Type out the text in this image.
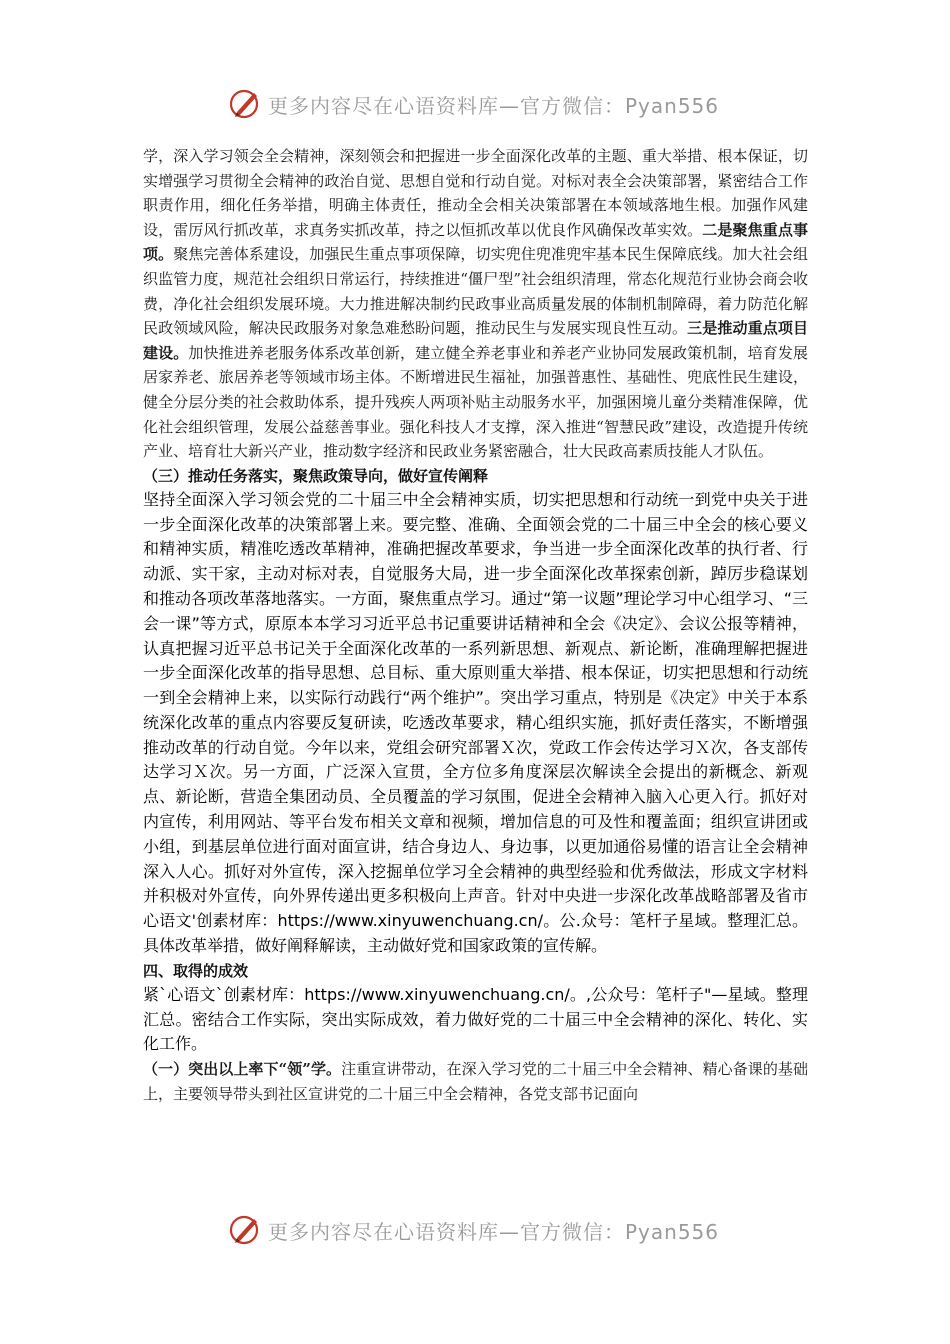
更多内容尽在心语资料库—官方微信：Pyan556

学，深入学习领会全会精神，深刻领会和把握进一步全面深化改革的主题、重大举措、根本保证，切实增强学习贯彻全会精神的政治自觉、思想自觉和行动自觉。对标对表全会决策部署，紧密结合工作职责作用，细化任务举措，明确主体责任，推动全会相关决策部署在本领域落地生根。加强作风建设，雷厉风行抓改革，求真务实抓改革，持之以恒抓改革以优良作风确保改革实效。二是聚焦重点事项。聚焦完善体系建设，加强民生重点事项保障，切实兜住兜准兜牢基本民生保障底线。加大社会组织监管力度，规范社会组织日常运行，持续推进“僵尸型”社会组织清理，常态化规范行业协会商会收费，净化社会组织发展环境。大力推进解决制约民政事业高质量发展的体制机制障碍，着力防范化解民政领域风险，解决民政服务对象急难愁盼问题，推动民生与发展实现良性互动。三是推动重点项目建设。加快推进养老服务体系改革创新，建立健全养老事业和养老产业协同发展政策机制，培育发展居家养老、旅居养老等领域市场主体。不断增进民生福祉，加强普惠性、基础性、兜底性民生建设，健全分层分类的社会救助体系，提升残疾人两项补贴主动服务水平，加强困境儿童分类精准保障，优化社会组织管理，发展公益慈善事业。强化科技人才支撑，深入推进“智慧民政”建设，改造提升传统产业、培育壮大新兴产业，推动数字经济和民政业务紧密融合，壮大民政高素质技能人才队伍。

（三）推动任务落实，聚焦政策导向，做好宣传阐释

坚持全面深入学习领会党的二十届三中全会精神实质，切实把思想和行动统一到党中央关于进一步全面深化改革的决策部署上来。要完整、准确、全面领会党的二十届三中全会的核心要义和精神实质，精准吃透改革精神，准确把握改革要求，争当进一步全面深化改革的执行者、行动派、实干家，主动对标对表，自觉服务大局，进一步全面深化改革探索创新，踔厉步稳谋划和推动各项改革落地落实。一方面，聚焦重点学习。通过“第一议题”理论学习中心组学习、“三会一课”等方式，原原本本学习习近平总书记重要讲话精神和全会《决定》、会议公报等精神，认真把握习近平总书记关于全面深化改革的一系列新思想、新观点、新论断，准确理解把握进一步全面深化改革的指导思想、总目标、重大原则重大举措、根本保证，切实把思想和行动统一到全会精神上来，以实际行动践行“两个维护”。突出学习重点，特别是《决定》中关于本系统深化改革的重点内容要反复研读，吃透改革要求，精心组织实施，抓好责任落实，不断增强推动改革的行动自觉。今年以来，党组会研究部署Ｘ次，党政工作会传达学习Ｘ次，各支部传达学习Ｘ次。另一方面，广泛深入宣贯，全方位多角度深层次解读全会提出的新概念、新观点、新论断，营造全集团动员、全员覆盖的学习氛围，促进全会精神入脑入心更入行。抓好对内宣传，利用网站、等平台发布相关文章和视频，增加信息的可及性和覆盖面；组织宣讲团或小组，到基层单位进行面对面宣讲，结合身边人、身边事，以更加通俗易懂的语言让全会精神深入人心。抓好对外宣传，深入挖掘单位学习全会精神的典型经验和优秀做法，形成文字材料并积极对外宣传，向外界传递出更多积极向上声音。针对中央进一步深化改革战略部署及省市心语文'创素材库：https://www.xinyuwenchuang.cn/。公.众号：笔杆子星域。整理汇总。具体改革举措，做好阐释解读，主动做好党和国家政策的宣传解。

四、取得的成效

紧`心语文`创素材库：https://www.xinyuwenchuang.cn/。,公众号：笔杆子"—星域。整理汇总。密结合工作实际，突出实际成效，着力做好党的二十届三中全会精神的深化、转化、实化工作。

（一）突出以上率下“领”学。注重宣讲带动，在深入学习党的二十届三中全会精神、精心备课的基础上，主要领导带头到社区宣讲党的二十届三中全会精神，各党支部书记面向

更多内容尽在心语资料库—官方微信：Pyan556
